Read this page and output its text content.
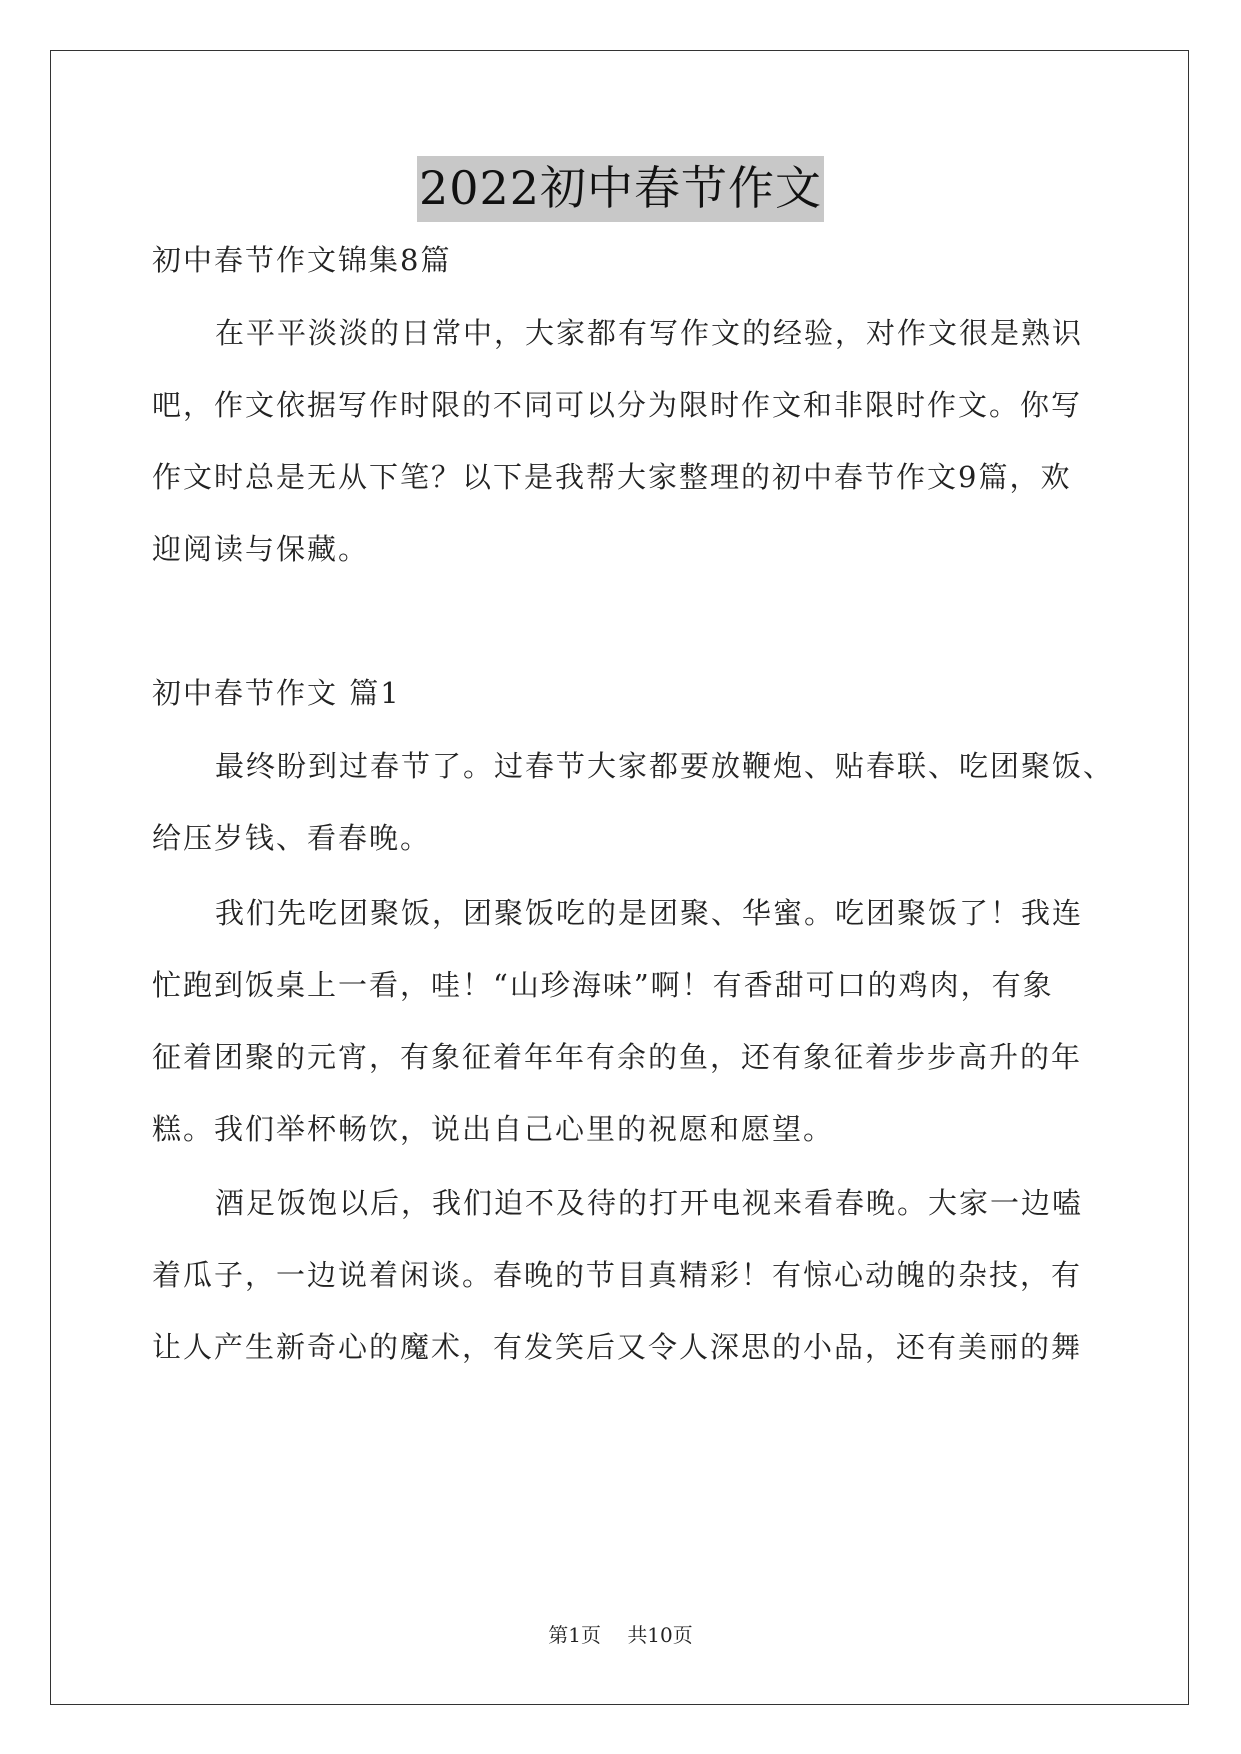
2022初中春节作文
初中春节作文锦集8篇
在平平淡淡的日常中，大家都有写作文的经验，对作文很是熟识
吧，作文依据写作时限的不同可以分为限时作文和非限时作文。你写
作文时总是无从下笔？以下是我帮大家整理的初中春节作文9篇，欢
迎阅读与保藏。
初中春节作文 篇1
最终盼到过春节了。过春节大家都要放鞭炮、贴春联、吃团聚饭、
给压岁钱、看春晚。
我们先吃团聚饭，团聚饭吃的是团聚、华蜜。吃团聚饭了！我连
忙跑到饭桌上一看，哇！“山珍海味”啊！有香甜可口的鸡肉，有象
征着团聚的元宵，有象征着年年有余的鱼，还有象征着步步高升的年
糕。我们举杯畅饮，说出自己心里的祝愿和愿望。
酒足饭饱以后，我们迫不及待的打开电视来看春晚。大家一边嗑
着瓜子，一边说着闲谈。春晚的节目真精彩！有惊心动魄的杂技，有
让人产生新奇心的魔术，有发笑后又令人深思的小品，还有美丽的舞
第1页 共10页
